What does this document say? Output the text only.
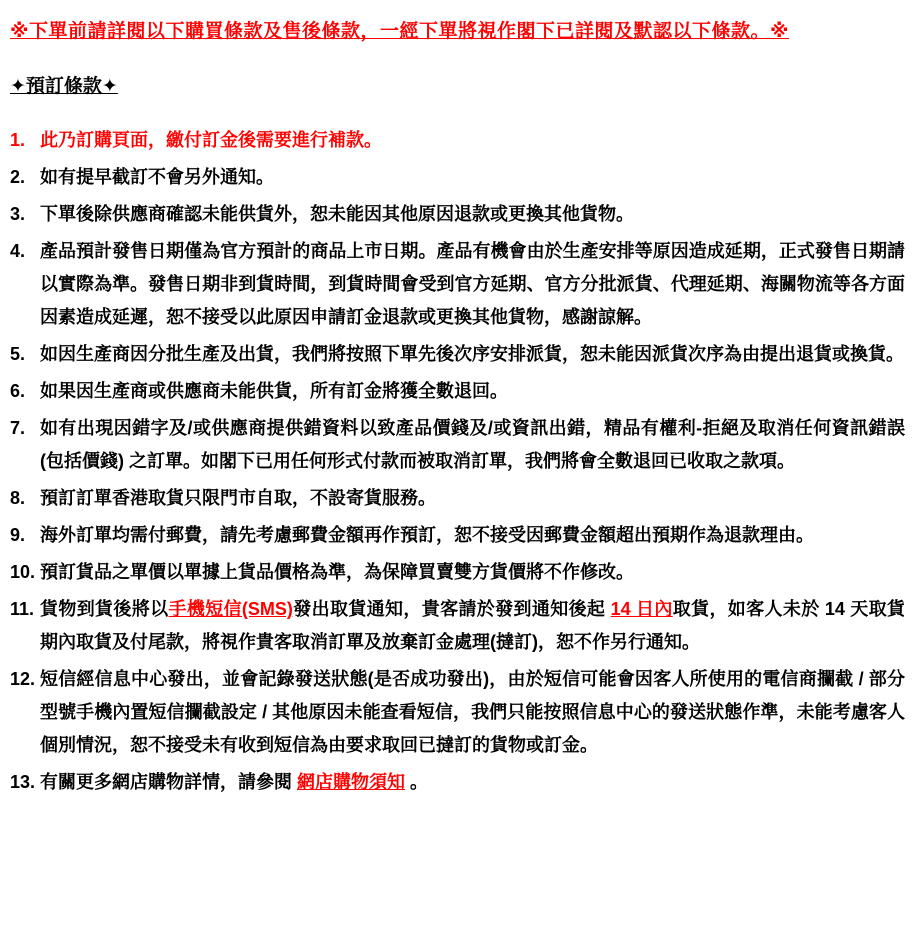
※下單前請詳閱以下購買條款及售後條款，一經下單將視作閣下已詳閱及默認以下條款。※
✦預訂條款✦
1. 此乃訂購頁面，繳付訂金後需要進行補款。
2. 如有提早截訂不會另外通知。
3. 下單後除供應商確認未能供貨外，恕未能因其他原因退款或更換其他貨物。
4. 產品預計發售日期僅為官方預計的商品上市日期。產品有機會由於生產安排等原因造成延期，正式發售日期請以實際為準。發售日期非到貨時間，到貨時間會受到官方延期、官方分批派貨、代理延期、海關物流等各方面因素造成延遲，恕不接受以此原因申請訂金退款或更換其他貨物，感謝諒解。
5. 如因生產商因分批生產及出貨，我們將按照下單先後次序安排派貨，恕未能因派貨次序為由提出退貨或換貨。
6. 如果因生產商或供應商未能供貨，所有訂金將獲全數退回。
7. 如有出現因錯字及/或供應商提供錯資料以致產品價錢及/或資訊出錯，精品有權利-拒絕及取消任何資訊錯誤(包括價錢) 之訂單。如閣下已用任何形式付款而被取消訂單，我們將會全數退回已收取之款項。
8. 預訂訂單香港取貨只限門市自取，不設寄貨服務。
9. 海外訂單均需付郵費，請先考慮郵費金額再作預訂，恕不接受因郵費金額超出預期作為退款理由。
10. 預訂貨品之單價以單據上貨品價格為準，為保障買賣雙方貨價將不作修改。
11. 貨物到貨後將以手機短信(SMS)發出取貨通知，貴客請於發到通知後起 14 日內取貨，如客人未於 14 天取貨期內取貨及付尾款，將視作貴客取消訂單及放棄訂金處理(撻訂)，恕不作另行通知。
12. 短信經信息中心發出，並會記錄發送狀態(是否成功發出)，由於短信可能會因客人所使用的電信商攔截 / 部分型號手機內置短信攔截設定 / 其他原因未能查看短信，我們只能按照信息中心的發送狀態作準，未能考慮客人個別情況，恕不接受未有收到短信為由要求取回已撻訂的貨物或訂金。
13. 有關更多網店購物詳情，請參閱 網店購物須知 。
